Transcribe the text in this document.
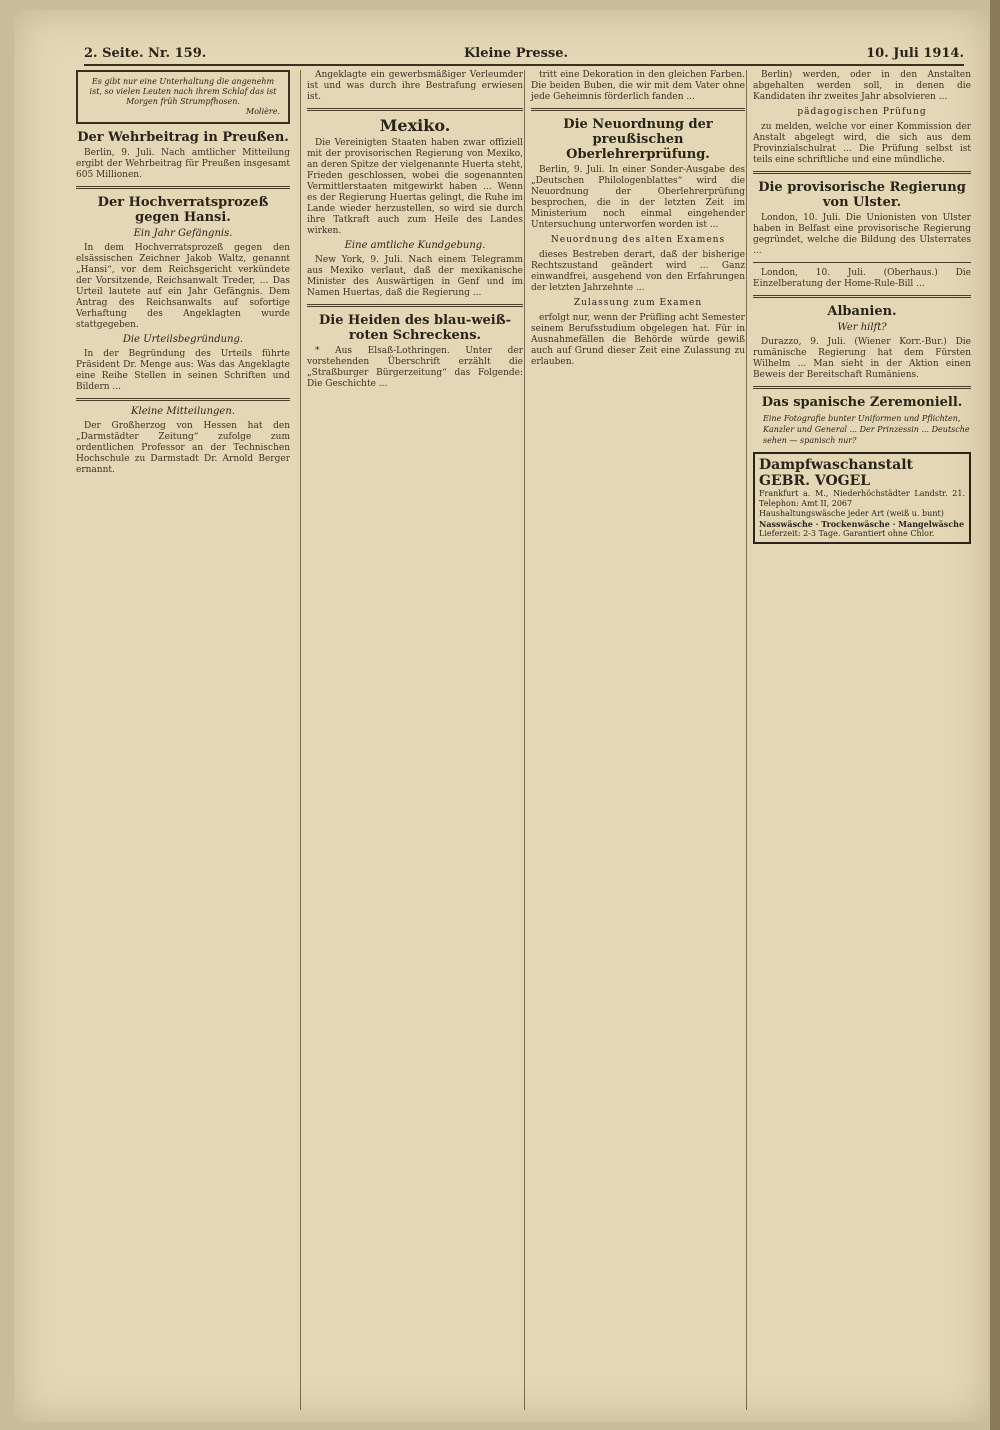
2. Seite. Nr. 159.	Kleine Presse.	10. Juli 1914.
Es gibt nur eine Unterhaltung die angenehm ist, so vielen Leuten nach ihrem Schlaf das ist Morgen früh Strumpfhosen.
Molière.
Der Wehrbeitrag in Preußen.

Berlin, 9. Juli. Nach amtlicher Mitteilung ergibt der Wehrbeitrag für Preußen insgesamt 605 Millionen.

Der Hochverratsprozeß gegen Hansi.
Ein Jahr Gefängnis.

In dem Hochverratsprozeß gegen den elsässischen Zeichner Jakob Waltz, genannt „Hansi“, vor dem Reichsgericht verkündete der Vorsitzende, Reichsanwalt Treder, ... Das Urteil lautete auf ein Jahr Gefängnis. Dem Antrag des Reichsanwalts auf sofortige Verhaftung des Angeklagten wurde stattgegeben.

Die Urteilsbegründung.

In der Begründung des Urteils führte Präsident Dr. Menge aus: Was das Angeklagte eine Reihe Stellen in seinen Schriften und Bildern ...

Kleine Mitteilungen.

Der Großherzog von Hessen hat den „Darmstädter Zeitung“ zufolge zum ordentlichen Professor an der Technischen Hochschule zu Darmstadt Dr. Arnold Berger ernannt.

Angeklagte ein gewerbsmäßiger Verleumder ist und was durch ihre Bestrafung erwiesen ist.

Mexiko.

Die Vereinigten Staaten haben zwar offiziell mit der provisorischen Regierung von Mexiko, an deren Spitze der vielgenannte Huerta steht, Frieden geschlossen, wobei die sogenannten Vermittlerstaaten mitgewirkt haben ... Wenn es der Regierung Huertas gelingt, die Ruhe im Lande wieder herzustellen, so wird sie durch ihre Tatkraft auch zum Heile des Landes wirken.

Eine amtliche Kundgebung.

New York, 9. Juli. Nach einem Telegramm aus Mexiko verlaut, daß der mexikanische Minister des Auswärtigen in Genf und im Namen Huertas, daß die Regierung ...

Die Heiden des blau-weiß-roten Schreckens.

* Aus Elsaß-Lothringen. Unter der vorstehenden Überschrift erzählt die „Straßburger Bürgerzeitung“ das Folgende: Die Geschichte ...

tritt eine Dekoration in den gleichen Farben. Die beiden Buben, die wir mit dem Vater ohne jede Geheimnis förderlich fanden ...

Die Neuordnung der preußischen Oberlehrerprüfung.

Berlin, 9. Juli. In einer Sonder-Ausgabe des „Deutschen Philologenblattes“ wird die Neuordnung der Oberlehrerprüfung besprochen, die in der letzten Zeit im Ministerium noch einmal eingehender Untersuchung unterworfen worden ist ...

Neuordnung des alten Examens

dieses Bestreben derart, daß der bisherige Rechtszustand geändert wird ... Ganz einwandfrei, ausgehend von den Erfahrungen der letzten Jahrzehnte ...

Zulassung zum Examen

erfolgt nur, wenn der Prüfling acht Semester seinem Berufsstudium obgelegen hat. Für in Ausnahmefällen die Behörde würde gewiß auch auf Grund dieser Zeit eine Zulassung zu erlauben.

Berlin) werden, oder in den Anstalten abgehalten werden soll, in denen die Kandidaten ihr zweites Jahr absolvieren ...

pädagogischen Prüfung

zu melden, welche vor einer Kommission der Anstalt abgelegt wird, die sich aus dem Provinzialschulrat ... Die Prüfung selbst ist teils eine schriftliche und eine mündliche.

Die provisorische Regierung von Ulster.

London, 10. Juli. Die Unionisten von Ulster haben in Belfast eine provisorische Regierung gegründet, welche die Bildung des Ulsterrates ...

London, 10. Juli. (Oberhaus.) Die Einzelberatung der Home-Rule-Bill ...

Albanien.
Wer hilft?

Durazzo, 9. Juli. (Wiener Korr.-Bur.) Die rumänische Regierung hat dem Fürsten Wilhelm ... Man sieht in der Aktion einen Beweis der Bereitschaft Rumäniens.

Das spanische Zeremoniell.
Eine Fotografie bunter Uniformen und Pflichten, Kanzler und General ... Der Prinzessin ... Deutsche sehen — spanisch nur?
Dampfwaschanstalt GEBR. VOGEL

Frankfurt a. M., Niederhöchstädter Landstr. 21. Telephon: Amt II, 2067

Haushaltungswäsche jeder Art (weiß u. bunt)

Nasswäsche · Trockenwäsche · Mangelwäsche

Lieferzeit: 2-3 Tage. Garantiert ohne Chlor.
